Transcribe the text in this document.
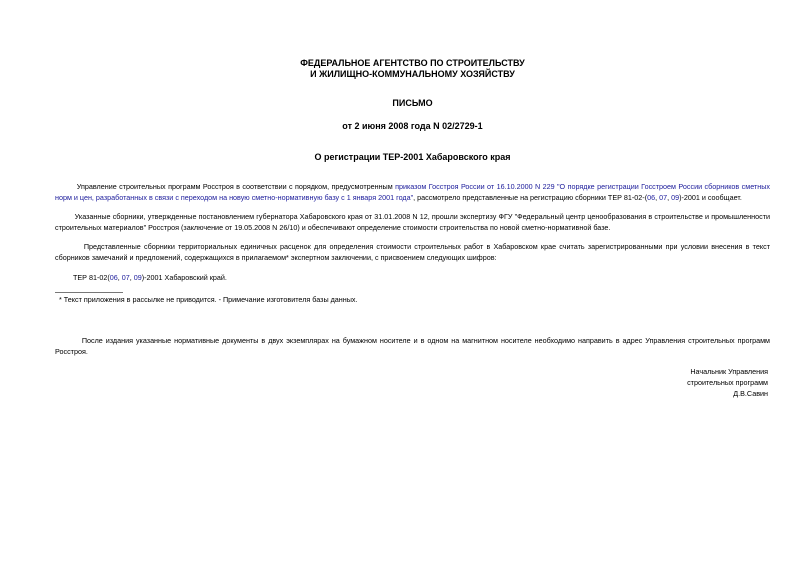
ФЕДЕРАЛЬНОЕ АГЕНТСТВО ПО СТРОИТЕЛЬСТВУ
И ЖИЛИЩНО-КОММУНАЛЬНОМУ ХОЗЯЙСТВУ
ПИСЬМО
от 2 июня 2008 года N 02/2729-1
О регистрации ТЕР-2001 Хабаровского края

Управление строительных программ Росстроя в соответствии с порядком, предусмотренным приказом Госстроя России от 16.10.2000 N 229 "О порядке регистрации Госстроем России сборников сметных норм и цен, разработанных в связи с переходом на новую сметно-нормативную базу с 1 января 2001 года", рассмотрело представленные на регистрацию сборники ТЕР 81-02-(06, 07, 09)-2001 и сообщает.

Указанные сборники, утвержденные постановлением губернатора Хабаровского края от 31.01.2008 N 12, прошли экспертизу ФГУ "Федеральный центр ценообразования в строительстве и промышленности строительных материалов" Росстроя (заключение от 19.05.2008 N 26/10) и обеспечивают определение стоимости строительства по новой сметно-нормативной базе.

Представленные сборники территориальных единичных расценок для определения стоимости строительных работ в Хабаровском крае считать зарегистрированными при условии внесения в текст сборников замечаний и предложений, содержащихся в прилагаемом* экспертном заключении, с присвоением следующих шифров:

ТЕР 81-02(06, 07, 09)-2001 Хабаровский край.

* Текст приложения в рассылке не приводится. - Примечание изготовителя базы данных.

После издания указанные нормативные документы в двух экземплярах на бумажном носителе и в одном на магнитном носителе необходимо направить в адрес Управления строительных программ Росстроя.

Начальник Управления
строительных программ
Д.В.Савин
